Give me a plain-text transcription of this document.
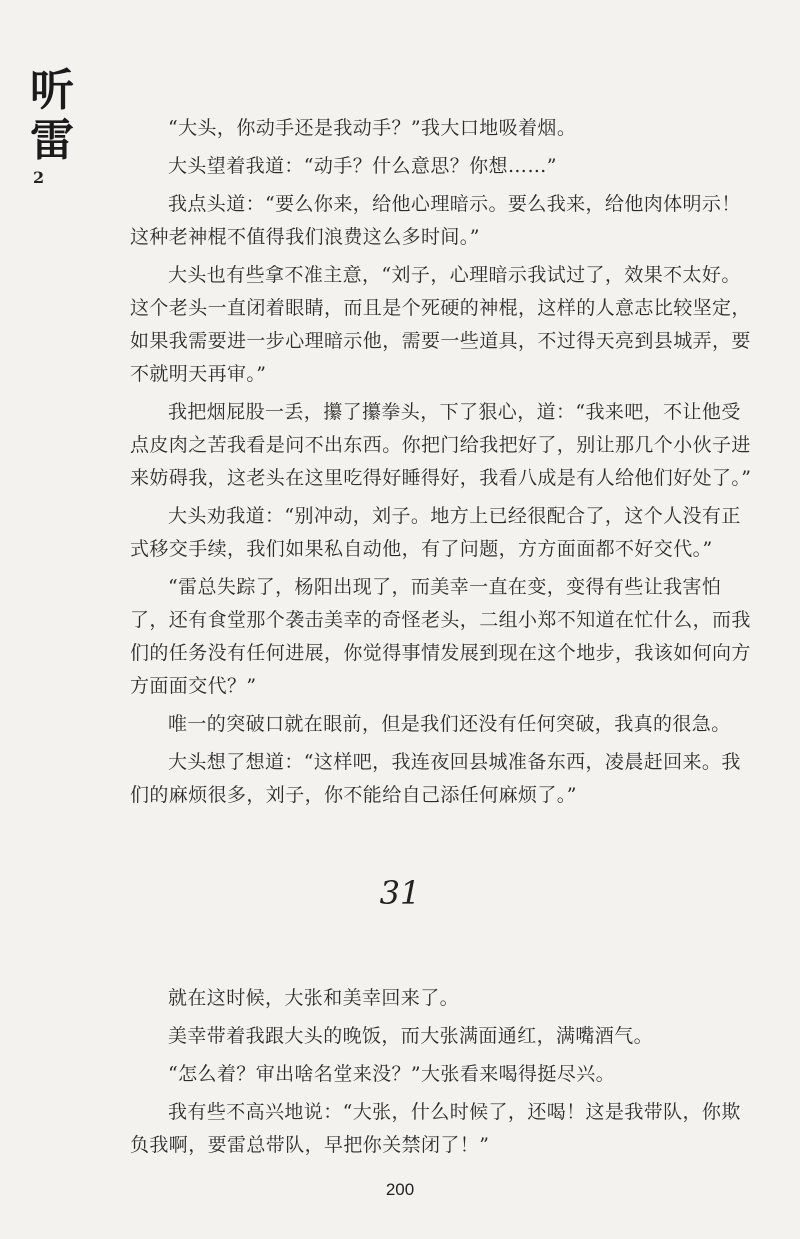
听
雷
2

“大头，你动手还是我动手？”我大口地吸着烟。

大头望着我道：“动手？什么意思？你想……”

我点头道：“要么你来，给他心理暗示。要么我来，给他肉体明示！这种老神棍不值得我们浪费这么多时间。”

大头也有些拿不准主意，“刘子，心理暗示我试过了，效果不太好。这个老头一直闭着眼睛，而且是个死硬的神棍，这样的人意志比较坚定，如果我需要进一步心理暗示他，需要一些道具，不过得天亮到县城弄，要不就明天再审。”

我把烟屁股一丢，攥了攥拳头，下了狠心，道：“我来吧，不让他受点皮肉之苦我看是问不出东西。你把门给我把好了，别让那几个小伙子进来妨碍我，这老头在这里吃得好睡得好，我看八成是有人给他们好处了。”

大头劝我道：“别冲动，刘子。地方上已经很配合了，这个人没有正式移交手续，我们如果私自动他，有了问题，方方面面都不好交代。”

“雷总失踪了，杨阳出现了，而美幸一直在变，变得有些让我害怕了，还有食堂那个袭击美幸的奇怪老头，二组小郑不知道在忙什么，而我们的任务没有任何进展，你觉得事情发展到现在这个地步，我该如何向方方面面交代？”

唯一的突破口就在眼前，但是我们还没有任何突破，我真的很急。

大头想了想道：“这样吧，我连夜回县城准备东西，凌晨赶回来。我们的麻烦很多，刘子，你不能给自己添任何麻烦了。”

31

就在这时候，大张和美幸回来了。

美幸带着我跟大头的晚饭，而大张满面通红，满嘴酒气。

“怎么着？审出啥名堂来没？”大张看来喝得挺尽兴。

我有些不高兴地说：“大张，什么时候了，还喝！这是我带队，你欺负我啊，要雷总带队，早把你关禁闭了！”

200
